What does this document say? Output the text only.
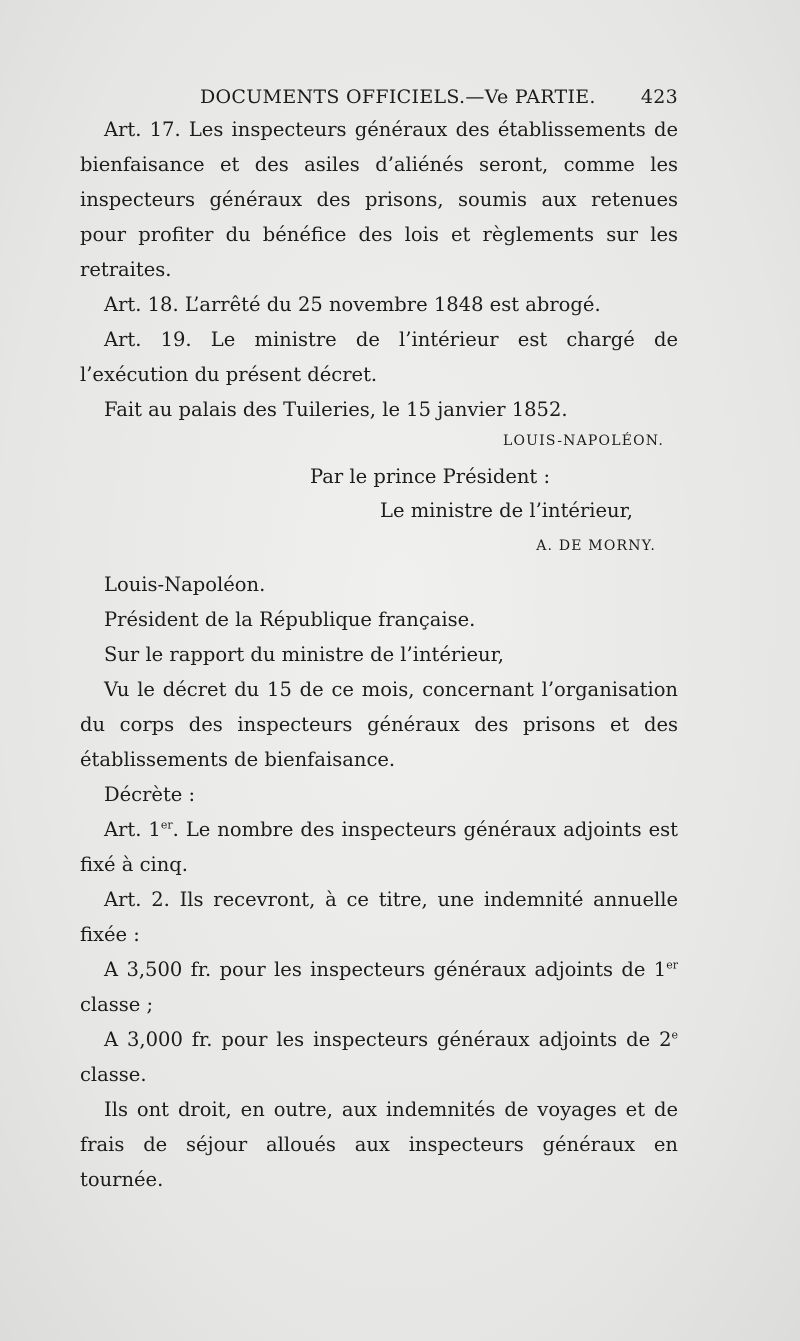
DOCUMENTS OFFICIELS.—Ve PARTIE. 423

Art. 17. Les inspecteurs généraux des établissements de bienfaisance et des asiles d’aliénés seront, comme les inspecteurs généraux des prisons, soumis aux retenues pour profiter du bénéfice des lois et règlements sur les retraites.

Art. 18. L’arrêté du 25 novembre 1848 est abrogé.

Art. 19. Le ministre de l’intérieur est chargé de l’exécution du présent décret.

Fait au palais des Tuileries, le 15 janvier 1852.

LOUIS-NAPOLÉON.
Par le prince Président :
Le ministre de l’intérieur,
A. DE MORNY.

Louis-Napoléon.

Président de la République française.

Sur le rapport du ministre de l’intérieur,

Vu le décret du 15 de ce mois, concernant l’organisation du corps des inspecteurs généraux des prisons et des établissements de bienfaisance.

Décrète :

Art. 1er. Le nombre des inspecteurs généraux adjoints est fixé à cinq.

Art. 2. Ils recevront, à ce titre, une indemnité annuelle fixée :

A 3,500 fr. pour les inspecteurs généraux adjoints de 1er classe ;

A 3,000 fr. pour les inspecteurs généraux adjoints de 2e classe.

Ils ont droit, en outre, aux indemnités de voyages et de frais de séjour alloués aux inspecteurs généraux en tournée.
